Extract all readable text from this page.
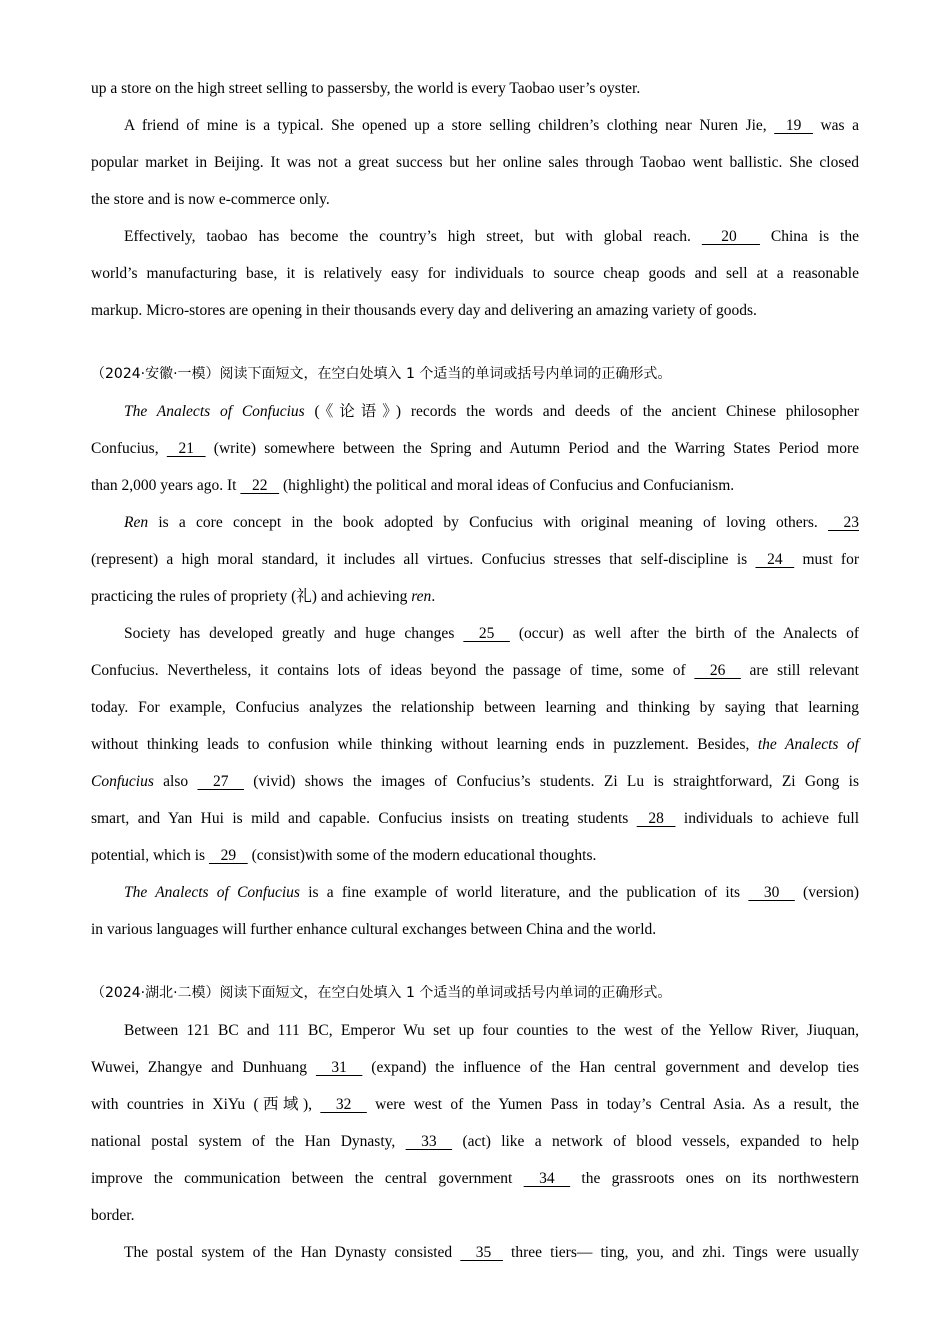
up a store on the high street selling to passersby, the world is every Taobao user’s oyster.
A friend of mine is a typical. She opened up a store selling children’s clothing near Nuren Jie,    19    was a
popular market in Beijing. It was not a great success but her online sales through Taobao went ballistic. She closed
the store and is now e-commerce only.
Effectively, taobao has become the country’s high street, but with global reach.      20       China is the
world’s manufacturing base, it is relatively easy for individuals to source cheap goods and sell at a reasonable
markup. Micro-stores are opening in their thousands every day and delivering an amazing variety of goods.
（2024·安徽·一模）阅读下面短文，在空白处填入 1 个适当的单词或括号内单词的正确形式。
The Analects of Confucius (《论语》) records the words and deeds of the ancient Chinese philosopher
Confucius,    21    (write) somewhere between the Spring and Autumn Period and the Warring States Period more
than 2,000 years ago. It    22    (highlight) the political and moral ideas of Confucius and Confucianism.
Ren is a core concept in the book adopted by Confucius with original meaning of loving others.     23
(represent) a high moral standard, it includes all virtues. Confucius stresses that self-discipline is    24    must for
practicing the rules of propriety (礼) and achieving ren.
Society has developed greatly and huge changes     25     (occur) as well after the birth of the Analects of
Confucius. Nevertheless, it contains lots of ideas beyond the passage of time, some of     26     are still relevant
today. For example, Confucius analyzes the relationship between learning and thinking by saying that learning
without thinking leads to confusion while thinking without learning ends in puzzlement. Besides, the Analects of
Confucius also     27     (vivid) shows the images of Confucius’s students. Zi Lu is straightforward, Zi Gong is
smart, and Yan Hui is mild and capable. Confucius insists on treating students    28    individuals to achieve full
potential, which is    29    (consist)with some of the modern educational thoughts.
The Analects of Confucius is a fine example of world literature, and the publication of its     30     (version)
in various languages will further enhance cultural exchanges between China and the world.
（2024·湖北·二模）阅读下面短文，在空白处填入 1 个适当的单词或括号内单词的正确形式。
Between 121 BC and 111 BC, Emperor Wu set up four counties to the west of the Yellow River, Jiuquan,
Wuwei, Zhangye and Dunhuang     31     (expand) the influence of the Han central government and develop ties
with countries in XiYu (西域),     32     were west of the Yumen Pass in today’s Central Asia. As a result, the
national postal system of the Han Dynasty,     33     (act) like a network of blood vessels, expanded to help
improve the communication between the central government     34     the grassroots ones on its northwestern
border.
The postal system of the Han Dynasty consisted     35    three tiers— ting, you, and zhi. Tings were usually
